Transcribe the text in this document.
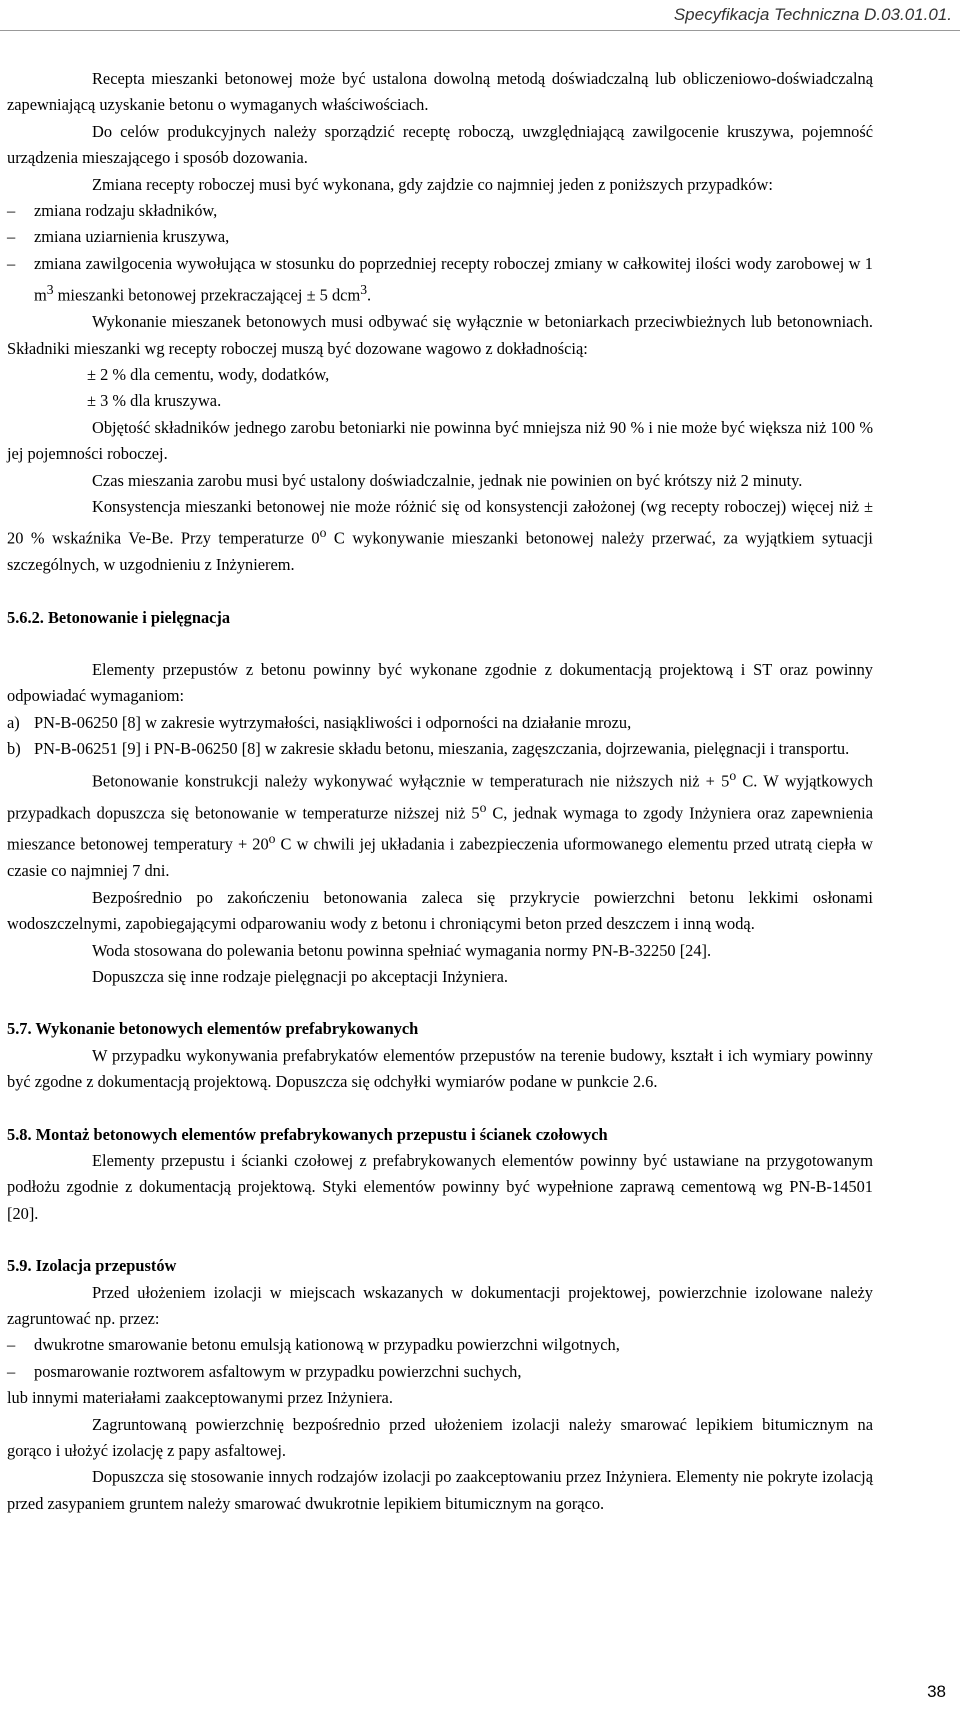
Specyfikacja Techniczna D.03.01.01.

Recepta mieszanki betonowej może być ustalona dowolną metodą doświadczalną lub obliczeniowo-doświadczalną zapewniającą uzyskanie betonu o wymaganych właściwościach.

Do celów produkcyjnych należy sporządzić receptę roboczą, uwzględniającą zawilgocenie kruszywa, pojemność urządzenia mieszającego i sposób dozowania.

Zmiana recepty roboczej musi być wykonana, gdy zajdzie co najmniej jeden z poniższych przypadków:

–	zmiana rodzaju składników,
–	zmiana uziarnienia kruszywa,
–	zmiana zawilgocenia wywołująca w stosunku do poprzedniej recepty roboczej zmiany w całkowitej ilości wody zarobowej w 1 $m^3$ mieszanki betonowej przekraczającej ± 5 dcm$^3$.

Wykonanie mieszanek betonowych musi odbywać się wyłącznie w betoniarkach przeciwbieżnych lub betonowniach. Składniki mieszanki wg recepty roboczej muszą być dozowane wagowo z dokładnością:

± 2 % dla cementu, wody, dodatków,

± 3 % dla kruszywa.

Objętość składników jednego zarobu betoniarki nie powinna być mniejsza niż 90 % i nie może być większa niż 100 % jej pojemności roboczej.

Czas mieszania zarobu musi być ustalony doświadczalnie, jednak nie powinien on być krótszy niż 2 minuty.

Konsystencja mieszanki betonowej nie może różnić się od konsystencji założonej (wg recepty roboczej) więcej niż ± 20 % wskaźnika Ve-Be. Przy temperaturze 0$^o$ C wykonywanie mieszanki betonowej należy przerwać, za wyjątkiem sytuacji szczególnych, w uzgodnieniu z Inżynierem.

5.6.2. Betonowanie i pielęgnacja

Elementy przepustów z betonu powinny być wykonane zgodnie z dokumentacją projektową i ST oraz powinny odpowiadać wymaganiom:

a) PN-B-06250 [8] w zakresie wytrzymałości, nasiąkliwości i odporności na działanie mrozu,

b) PN-B-06251 [9] i PN-B-06250 [8] w zakresie składu betonu, mieszania, zagęszczania, dojrzewania, pielęgnacji i transportu.

Betonowanie konstrukcji należy wykonywać wyłącznie w temperaturach nie niższych niż + $5^o$ C. W wyjątkowych przypadkach dopuszcza się betonowanie w temperaturze niższej niż 5$^o$ C, jednak wymaga to zgody Inżyniera oraz zapewnienia mieszance betonowej temperatury + $20^o$ C w chwili jej układania i zabezpieczenia uformowanego elementu przed utratą ciepła w czasie co najmniej 7 dni.

Bezpośrednio po zakończeniu betonowania zaleca się przykrycie powierzchni betonu lekkimi osłonami wodoszczelnymi, zapobiegającymi odparowaniu wody z betonu i chroniącymi beton przed deszczem i inną wodą.

Woda stosowana do polewania betonu powinna spełniać wymagania normy PN-B-32250 [24].

Dopuszcza się inne rodzaje pielęgnacji po akceptacji Inżyniera.

5.7. Wykonanie betonowych elementów prefabrykowanych

W przypadku wykonywania prefabrykatów elementów przepustów na terenie budowy, kształt i ich wymiary powinny być zgodne z dokumentacją projektową. Dopuszcza się odchyłki wymiarów podane w punkcie 2.6.

5.8. Montaż betonowych elementów prefabrykowanych przepustu i ścianek czołowych

Elementy przepustu i ścianki czołowej z prefabrykowanych elementów powinny być ustawiane na przygotowanym podłożu zgodnie z dokumentacją projektową. Styki elementów powinny być wypełnione zaprawą cementową wg PN-B-14501 [20].

5.9. Izolacja przepustów

Przed ułożeniem izolacji w miejscach wskazanych w dokumentacji projektowej, powierzchnie izolowane należy zagruntować np. przez:

–	dwukrotne smarowanie betonu emulsją kationową w przypadku powierzchni wilgotnych,
–	posmarowanie roztworem asfaltowym w przypadku powierzchni suchych,

lub innymi materiałami zaakceptowanymi przez Inżyniera.

Zagruntowaną powierzchnię bezpośrednio przed ułożeniem izolacji należy smarować lepikiem bitumicznym na gorąco i ułożyć izolację z papy asfaltowej.

Dopuszcza się stosowanie innych rodzajów izolacji po zaakceptowaniu przez Inżyniera. Elementy nie pokryte izolacją przed zasypaniem gruntem należy smarować dwukrotnie lepikiem bitumicznym na gorąco.

38
